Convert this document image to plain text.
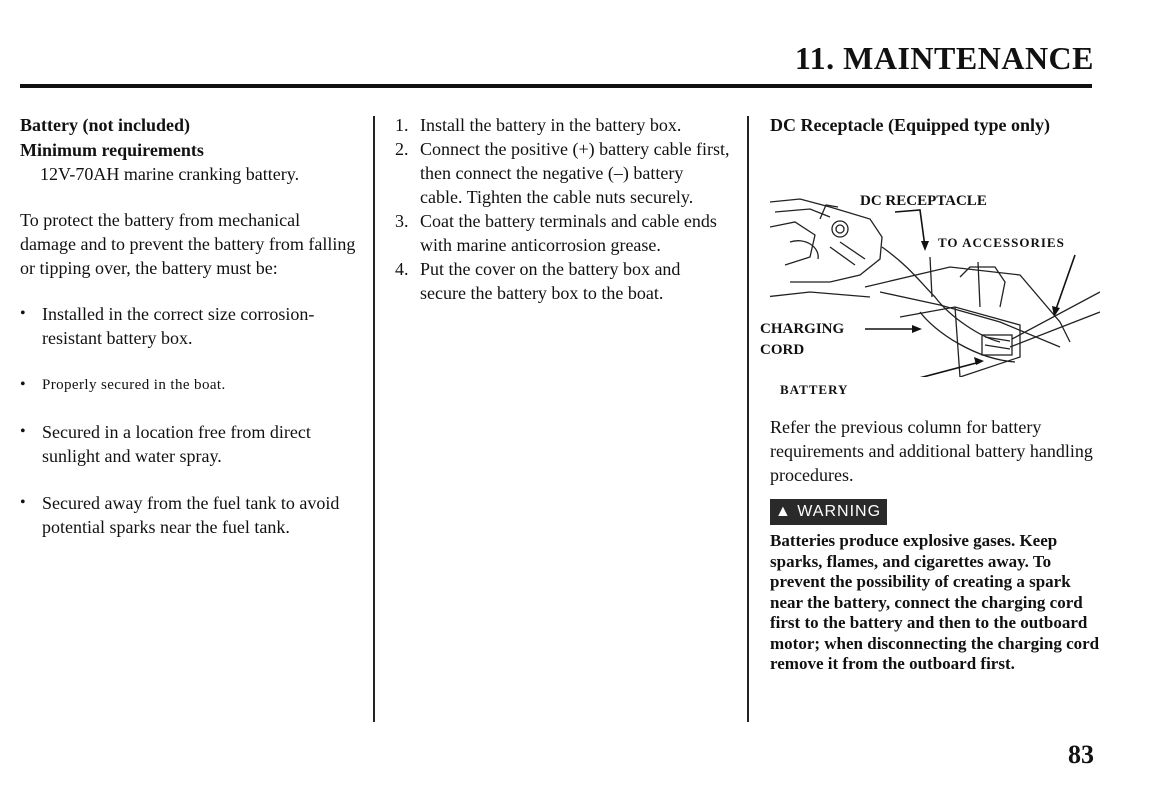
11. MAINTENANCE

Battery (not included)

Minimum requirements

12V-70AH marine cranking battery.

To protect the battery from mechanical damage and to prevent the battery from falling or tipping over, the battery must be:

• Installed in the correct size corrosion-resistant battery box.
• Properly secured in the boat.
• Secured in a location free from direct sunlight and water spray.
• Secured away from the fuel tank to avoid potential sparks near the fuel tank.
1. Install the battery in the battery box.
2. Connect the positive (+) battery cable first, then connect the negative (–) battery cable. Tighten the cable nuts securely.
3. Coat the battery terminals and cable ends with marine anticorrosion grease.
4. Put the cover on the battery box and secure the battery box to the boat.

DC Receptacle (Equipped type only)

DC RECEPTACLE
TO ACCESSORIES
CHARGING
CORD
BATTERY

Refer the previous column for battery requirements and additional battery handling procedures.

▲ WARNING

Batteries produce explosive gases. Keep sparks, flames, and cigarettes away. To prevent the possibility of creating a spark near the battery, connect the charging cord first to the battery and then to the outboard motor; when disconnecting the charging cord remove it from the outboard first.

83
